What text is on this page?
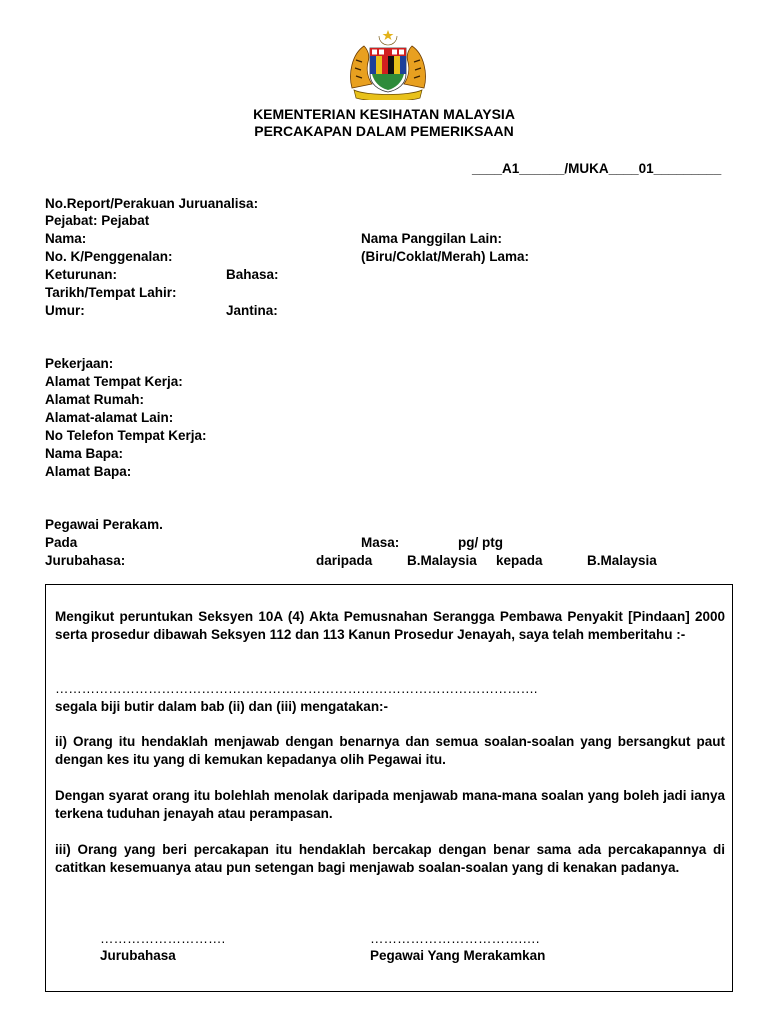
KEMENTERIAN KESIHATAN MALAYSIA
PERCAKAPAN DALAM PEMERIKSAAN
____A1______/MUKA____01_________
No.Report/Perakuan Juruanalisa:
Pejabat: Pejabat
Nama:	Nama Panggilan Lain:
No. K/Penggenalan:	(Biru/Coklat/Merah) Lama:
Keturunan:	Bahasa:
Tarikh/Tempat Lahir:
Umur:	Jantina:
Pekerjaan:
Alamat Tempat Kerja:
Alamat Rumah:
Alamat-alamat Lain:
No Telefon Tempat Kerja:
Nama Bapa:
Alamat Bapa:
Pegawai Perakam.
Pada	Masa:	pg/ ptg
Jurubahasa:	daripada	B.Malaysia kepada	B.Malaysia
Mengikut peruntukan Seksyen 10A (4) Akta Pemusnahan Serangga Pembawa Penyakit [Pindaan] 2000 serta prosedur dibawah Seksyen 112 dan 113 Kanun Prosedur Jenayah, saya telah memberitahu :-
……………………………………………………………………………………………….
segala biji butir dalam bab (ii) dan (iii) mengatakan:-
ii) Orang itu hendaklah menjawab dengan benarnya dan semua soalan-soalan yang bersangkut paut dengan kes itu yang di kemukan kepadanya olih Pegawai itu.
Dengan syarat orang itu bolehlah menolak daripada menjawab mana-mana soalan yang boleh jadi ianya terkena tuduhan jenayah atau perampasan.
iii) Orang yang beri percakapan itu hendaklah bercakap dengan benar sama ada percakapannya di catitkan kesemuanya atau pun setengan bagi menjawab soalan-soalan yang di kenakan padanya.
……………………….
Jurubahasa
…………………………….….
Pegawai Yang Merakamkan
